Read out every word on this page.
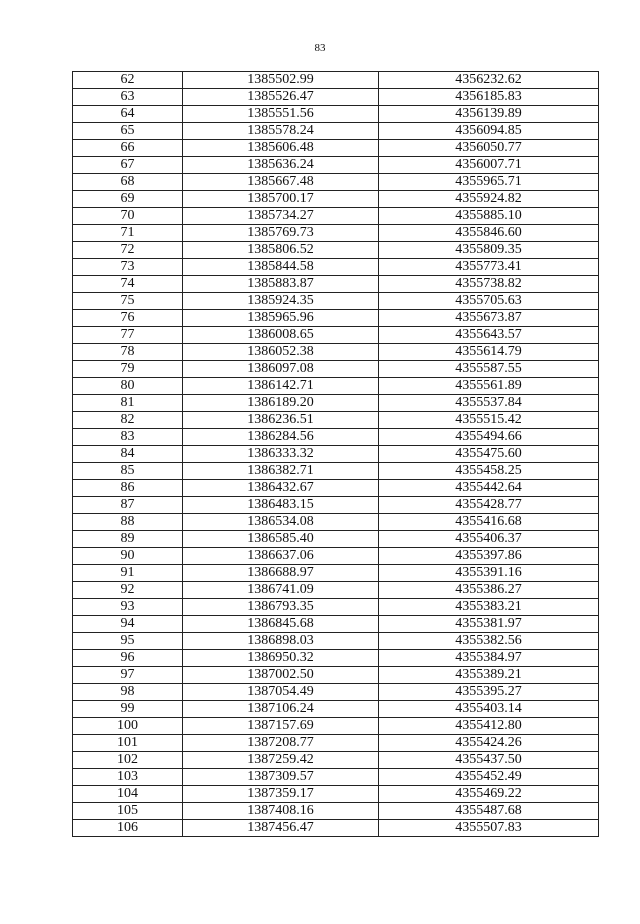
83
62	1385502.99	4356232.62
63	1385526.47	4356185.83
64	1385551.56	4356139.89
65	1385578.24	4356094.85
66	1385606.48	4356050.77
67	1385636.24	4356007.71
68	1385667.48	4355965.71
69	1385700.17	4355924.82
70	1385734.27	4355885.10
71	1385769.73	4355846.60
72	1385806.52	4355809.35
73	1385844.58	4355773.41
74	1385883.87	4355738.82
75	1385924.35	4355705.63
76	1385965.96	4355673.87
77	1386008.65	4355643.57
78	1386052.38	4355614.79
79	1386097.08	4355587.55
80	1386142.71	4355561.89
81	1386189.20	4355537.84
82	1386236.51	4355515.42
83	1386284.56	4355494.66
84	1386333.32	4355475.60
85	1386382.71	4355458.25
86	1386432.67	4355442.64
87	1386483.15	4355428.77
88	1386534.08	4355416.68
89	1386585.40	4355406.37
90	1386637.06	4355397.86
91	1386688.97	4355391.16
92	1386741.09	4355386.27
93	1386793.35	4355383.21
94	1386845.68	4355381.97
95	1386898.03	4355382.56
96	1386950.32	4355384.97
97	1387002.50	4355389.21
98	1387054.49	4355395.27
99	1387106.24	4355403.14
100	1387157.69	4355412.80
101	1387208.77	4355424.26
102	1387259.42	4355437.50
103	1387309.57	4355452.49
104	1387359.17	4355469.22
105	1387408.16	4355487.68
106	1387456.47	4355507.83
